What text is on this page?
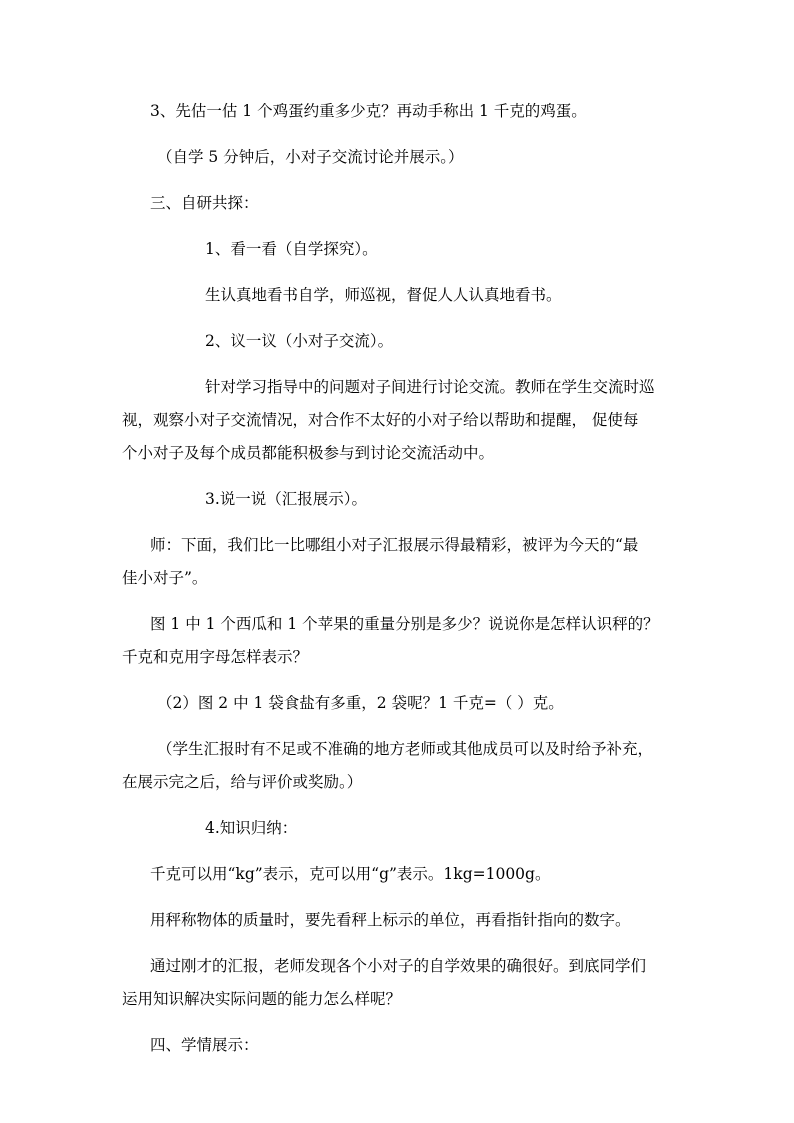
3、先估一估 1 个鸡蛋约重多少克？再动手称出 1 千克的鸡蛋。

（自学 5 分钟后，小对子交流讨论并展示。）

三、自研共探：

1、看一看（自学探究）。

生认真地看书自学，师巡视，督促人人认真地看书。

2、议一议（小对子交流）。

针对学习指导中的问题对子间进行讨论交流。教师在学生交流时巡

视，观察小对子交流情况，对合作不太好的小对子给以帮助和提醒， 促使每

个小对子及每个成员都能积极参与到讨论交流活动中。

3.说一说（汇报展示）。

师：下面，我们比一比哪组小对子汇报展示得最精彩，被评为今天的“最

佳小对子”。

图 1 中 1 个西瓜和 1 个苹果的重量分别是多少？说说你是怎样认识秤的？

千克和克用字母怎样表示？

（2）图 2 中 1 袋食盐有多重，2 袋呢？1 千克=（ ）克。

（学生汇报时有不足或不准确的地方老师或其他成员可以及时给予补充，

在展示完之后，给与评价或奖励。）

4.知识归纳：

千克可以用“kg”表示，克可以用“g”表示。1kg=1000g。

用秤称物体的质量时，要先看秤上标示的单位，再看指针指向的数字。

通过刚才的汇报，老师发现各个小对子的自学效果的确很好。到底同学们

运用知识解决实际问题的能力怎么样呢？

四、学情展示：
